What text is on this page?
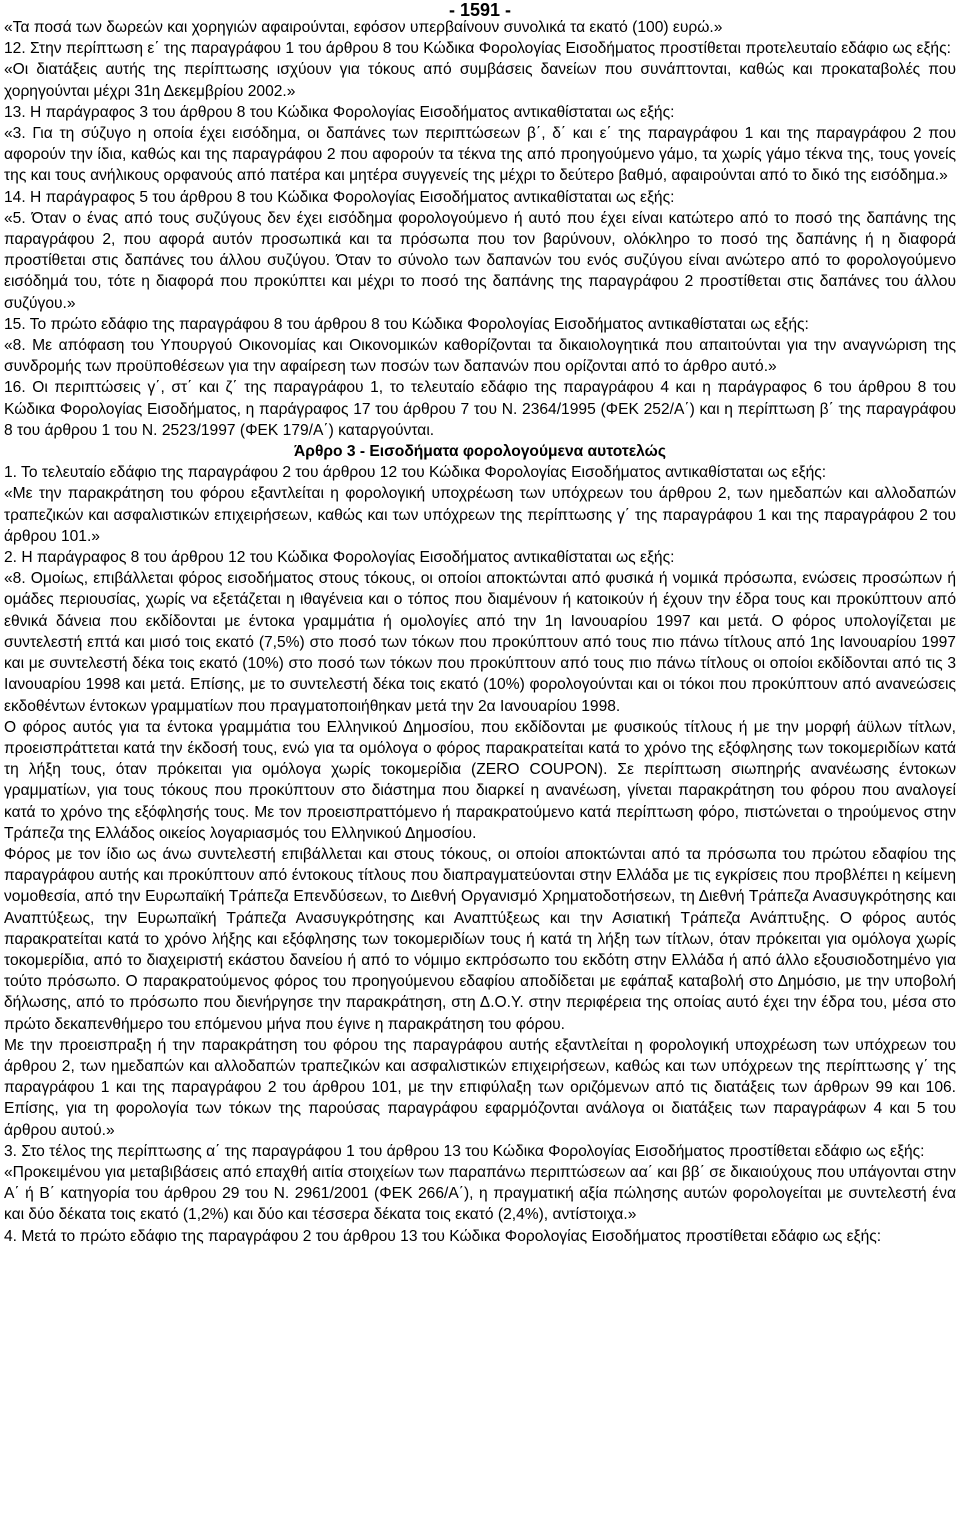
- 1591 -

«Τα ποσά των δωρεών και χορηγιών αφαιρούνται, εφόσον υπερβαίνουν συνολικά τα εκατό (100) ευρώ.»

12. Στην περίπτωση ε΄ της παραγράφου 1 του άρθρου 8 του Κώδικα Φορολογίας Εισοδήματος προστίθεται προτελευταίο εδάφιο ως εξής:

«Οι διατάξεις αυτής της περίπτωσης ισχύουν για τόκους από συμβάσεις δανείων που συνάπτονται, καθώς και προκαταβολές που χορηγούνται μέχρι 31η Δεκεμβρίου 2002.»

13. Η παράγραφος 3 του άρθρου 8 του Κώδικα Φορολογίας Εισοδήματος αντικαθίσταται ως εξής:

«3. Για τη σύζυγο η οποία έχει εισόδημα, οι δαπάνες των περιπτώσεων β΄, δ΄ και ε΄ της παραγράφου 1 και της παραγράφου 2 που αφορούν την ίδια, καθώς και της παραγράφου 2 που αφορούν τα τέκνα της από προηγούμενο γάμο, τα χωρίς γάμο τέκνα της, τους γονείς της και τους ανήλικους ορφανούς από πατέρα και μητέρα συγγενείς της μέχρι το δεύτερο βαθμό, αφαιρούνται από το δικό της εισόδημα.»

14. Η παράγραφος 5 του άρθρου 8 του Κώδικα Φορολογίας Εισοδήματος αντικαθίσταται ως εξής:

«5. Όταν ο ένας από τους συζύγους δεν έχει εισόδημα φορολογούμενο ή αυτό που έχει είναι κατώτερο από το ποσό της δαπάνης της παραγράφου 2, που αφορά αυτόν προσωπικά και τα πρόσωπα που τον βαρύνουν, ολόκληρο το ποσό της δαπάνης ή η διαφορά προστίθεται στις δαπάνες του άλλου συζύγου. Όταν το σύνολο των δαπανών του ενός συζύγου είναι ανώτερο από το φορολογούμενο εισόδημά του, τότε η διαφορά που προκύπτει και μέχρι το ποσό της δαπάνης της παραγράφου 2 προστίθεται στις δαπάνες του άλλου συζύγου.»

15. Το πρώτο εδάφιο της παραγράφου 8 του άρθρου 8 του Κώδικα Φορολογίας Εισοδήματος αντικαθίσταται ως εξής:

«8. Με απόφαση του Υπουργού Οικονομίας και Οικονομικών καθορίζονται τα δικαιολογητικά που απαιτούνται για την αναγνώριση της συνδρομής των προϋποθέσεων για την αφαίρεση των ποσών των δαπανών που ορίζονται από το άρθρο αυτό.»

16. Οι περιπτώσεις γ΄, στ΄ και ζ΄ της παραγράφου 1, το τελευταίο εδάφιο της παραγράφου 4 και η παράγραφος 6 του άρθρου 8 του Κώδικα Φορολογίας Εισοδήματος, η παράγραφος 17 του άρθρου 7 του Ν. 2364/1995 (ΦΕΚ 252/Α΄) και η περίπτωση β΄ της παραγράφου 8 του άρθρου 1 του Ν. 2523/1997 (ΦΕΚ 179/Α΄) καταργούνται.

Άρθρο 3 - Εισοδήματα φορολογούμενα αυτοτελώς

1. Το τελευταίο εδάφιο της παραγράφου 2 του άρθρου 12 του Κώδικα Φορολογίας Εισοδήματος αντικαθίσταται ως εξής:

«Με την παρακράτηση του φόρου εξαντλείται η φορολογική υποχρέωση των υπόχρεων του άρθρου 2, των ημεδαπών και αλλοδαπών τραπεζικών και ασφαλιστικών επιχειρήσεων, καθώς και των υπόχρεων της περίπτωσης γ΄ της παραγράφου 1 και της παραγράφου 2 του άρθρου 101.»

2. Η παράγραφος 8 του άρθρου 12 του Κώδικα Φορολογίας Εισοδήματος αντικαθίσταται ως εξής:

«8. Ομοίως, επιβάλλεται φόρος εισοδήματος στους τόκους, οι οποίοι αποκτώνται από φυσικά ή νομικά πρόσωπα, ενώσεις προσώπων ή ομάδες περιουσίας, χωρίς να εξετάζεται η ιθαγένεια και ο τόπος που διαμένουν ή κατοικούν ή έχουν την έδρα τους και προκύπτουν από εθνικά δάνεια που εκδίδονται με έντοκα γραμμάτια ή ομολογίες από την 1η Ιανουαρίου 1997 και μετά. Ο φόρος υπολογίζεται με συντελεστή επτά και μισό τοις εκατό (7,5%) στο ποσό των τόκων που προκύπτουν από τους πιο πάνω τίτλους από 1ης Ιανουαρίου 1997 και με συντελεστή δέκα τοις εκατό (10%) στο ποσό των τόκων που προκύπτουν από τους πιο πάνω τίτλους οι οποίοι εκδίδονται από τις 3 Ιανουαρίου 1998 και μετά. Επίσης, με το συντελεστή δέκα τοις εκατό (10%) φορολογούνται και οι τόκοι που προκύπτουν από ανανεώσεις εκδοθέντων έντοκων γραμματίων που πραγματοποιήθηκαν μετά την 2α Ιανουαρίου 1998.

Ο φόρος αυτός για τα έντοκα γραμμάτια του Ελληνικού Δημοσίου, που εκδίδονται με φυσικούς τίτλους ή με την μορφή άϋλων τίτλων, προεισπράττεται κατά την έκδοσή τους, ενώ για τα ομόλογα ο φόρος παρακρατείται κατά το χρόνο της εξόφλησης των τοκομεριδίων κατά τη λήξη τους, όταν πρόκειται για ομόλογα χωρίς τοκομερίδια (ZERO COUPON). Σε περίπτωση σιωπηρής ανανέωσης έντοκων γραμματίων, για τους τόκους που προκύπτουν στο διάστημα που διαρκεί η ανανέωση, γίνεται παρακράτηση του φόρου που αναλογεί κατά το χρόνο της εξόφλησής τους. Με τον προεισπραττόμενο ή παρακρατούμενο κατά περίπτωση φόρο, πιστώνεται ο τηρούμενος στην Τράπεζα της Ελλάδος οικείος λογαριασμός του Ελληνικού Δημοσίου.

Φόρος με τον ίδιο ως άνω συντελεστή επιβάλλεται και στους τόκους, οι οποίοι αποκτώνται από τα πρόσωπα του πρώτου εδαφίου της παραγράφου αυτής και προκύπτουν από έντοκους τίτλους που διαπραγματεύονται στην Ελλάδα με τις εγκρίσεις που προβλέπει η κείμενη νομοθεσία, από την Ευρωπαϊκή Τράπεζα Επενδύσεων, το Διεθνή Οργανισμό Χρηματοδοτήσεων, τη Διεθνή Τράπεζα Ανασυγκρότησης και Αναπτύξεως, την Ευρωπαϊκή Τράπεζα Ανασυγκρότησης και Αναπτύξεως και την Ασιατική Τράπεζα Ανάπτυξης. Ο φόρος αυτός παρακρατείται κατά το χρόνο λήξης και εξόφλησης των τοκομεριδίων τους ή κατά τη λήξη των τίτλων, όταν πρόκειται για ομόλογα χωρίς τοκομερίδια, από το διαχειριστή εκάστου δανείου ή από το νόμιμο εκπρόσωπο του εκδότη στην Ελλάδα ή από άλλο εξουσιοδοτημένο για τούτο πρόσωπο. Ο παρακρατούμενος φόρος του προηγούμενου εδαφίου αποδίδεται με εφάπαξ καταβολή στο Δημόσιο, με την υποβολή δήλωσης, από το πρόσωπο που διενήργησε την παρακράτηση, στη Δ.Ο.Υ. στην περιφέρεια της οποίας αυτό έχει την έδρα του, μέσα στο πρώτο δεκαπενθήμερο του επόμενου μήνα που έγινε η παρακράτηση του φόρου.

Με την προεισπραξη ή την παρακράτηση του φόρου της παραγράφου αυτής εξαντλείται η φορολογική υποχρέωση των υπόχρεων του άρθρου 2, των ημεδαπών και αλλοδαπών τραπεζικών και ασφαλιστικών επιχειρήσεων, καθώς και των υπόχρεων της περίπτωσης γ΄ της παραγράφου 1 και της παραγράφου 2 του άρθρου 101, με την επιφύλαξη των οριζόμενων από τις διατάξεις των άρθρων 99 και 106. Επίσης, για τη φορολογία των τόκων της παρούσας παραγράφου εφαρμόζονται ανάλογα οι διατάξεις των παραγράφων 4 και 5 του άρθρου αυτού.»

3. Στο τέλος της περίπτωσης α΄ της παραγράφου 1 του άρθρου 13 του Κώδικα Φορολογίας Εισοδήματος προστίθεται εδάφιο ως εξής:

«Προκειμένου για μεταβιβάσεις από επαχθή αιτία στοιχείων των παραπάνω περιπτώσεων αα΄ και ββ΄ σε δικαιούχους που υπάγονται στην Α΄ ή Β΄ κατηγορία του άρθρου 29 του Ν. 2961/2001 (ΦΕΚ 266/Α΄), η πραγματική αξία πώλησης αυτών φορολογείται με συντελεστή ένα και δύο δέκατα τοις εκατό (1,2%) και δύο και τέσσερα δέκατα τοις εκατό (2,4%), αντίστοιχα.»

4. Μετά το πρώτο εδάφιο της παραγράφου 2 του άρθρου 13 του Κώδικα Φορολογίας Εισοδήματος προστίθεται εδάφιο ως εξής:
